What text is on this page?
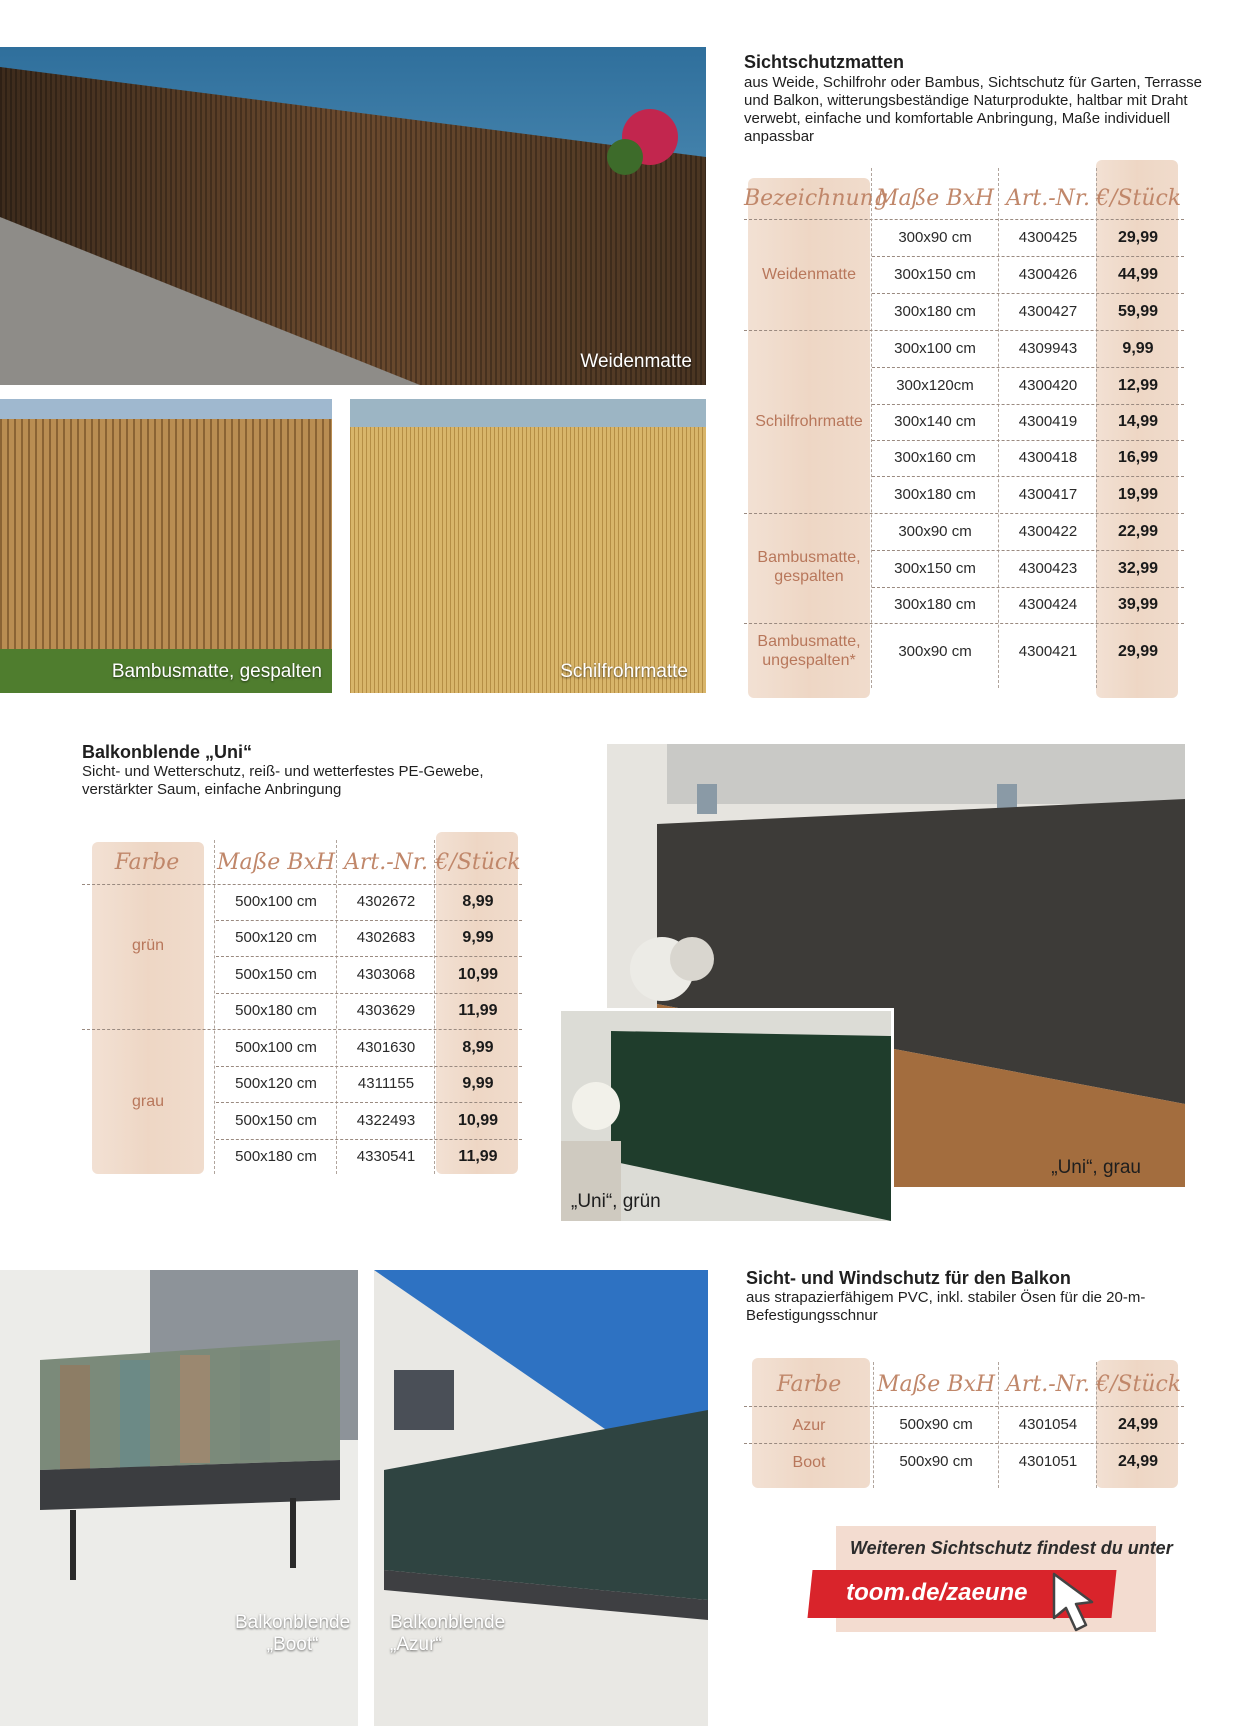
Weidenmatte
Bambusmatte, gespalten	Schilfrohrmatte
„Uni“, grau
„Uni“, grün
Balkonblende
„Boot“
Balkonblende
„Azur“
Sichtschutzmatten
aus Weide, Schilfrohr oder Bambus, Sichtschutz für Garten, Terrasse und Balkon, witterungsbeständige Naturprodukte, haltbar mit Draht verwebt, einfache und komfortable Anbringung, Maße individuell anpassbar
Bezeichnung
Maße BxH Art.-Nr. €/Stück
Weidenmatte
300x90 cm	4300425	29,99
300x150 cm	4300426	44,99
300x180 cm	4300427	59,99
Schilfrohrmatte
300x100 cm	4309943	9,99
300x120cm	4300420	12,99
300x140 cm	4300419	14,99
300x160 cm	4300418	16,99
300x180 cm	4300417	19,99
Bambusmatte, gespalten
300x90 cm	4300422	22,99
300x150 cm	4300423	32,99
300x180 cm	4300424	39,99
Bambusmatte, ungespalten*
300x90 cm	4300421	29,99
Balkonblende „Uni“
Sicht- und Wetterschutz, reiß- und wetterfestes PE-Gewebe, verstärkter Saum, einfache Anbringung
Farbe	Maße BxH Art.-Nr. €/Stück
grün
500x100 cm	4302672	8,99
500x120 cm	4302683	9,99
500x150 cm	4303068	10,99
500x180 cm	4303629	11,99
grau
500x100 cm	4301630	8,99
500x120 cm	4311155	9,99
500x150 cm	4322493	10,99
500x180 cm	4330541	11,99
Sicht- und Windschutz für den Balkon
aus strapazierfähigem PVC, inkl. stabiler Ösen für die 20-m-Befestigungsschnur
Farbe	Maße BxH Art.-Nr. €/Stück
Azur	500x90 cm	4301054	24,99
Boot	500x90 cm	4301051	24,99
Weiteren Sichtschutz findest du unter
toom.de/zaeune
